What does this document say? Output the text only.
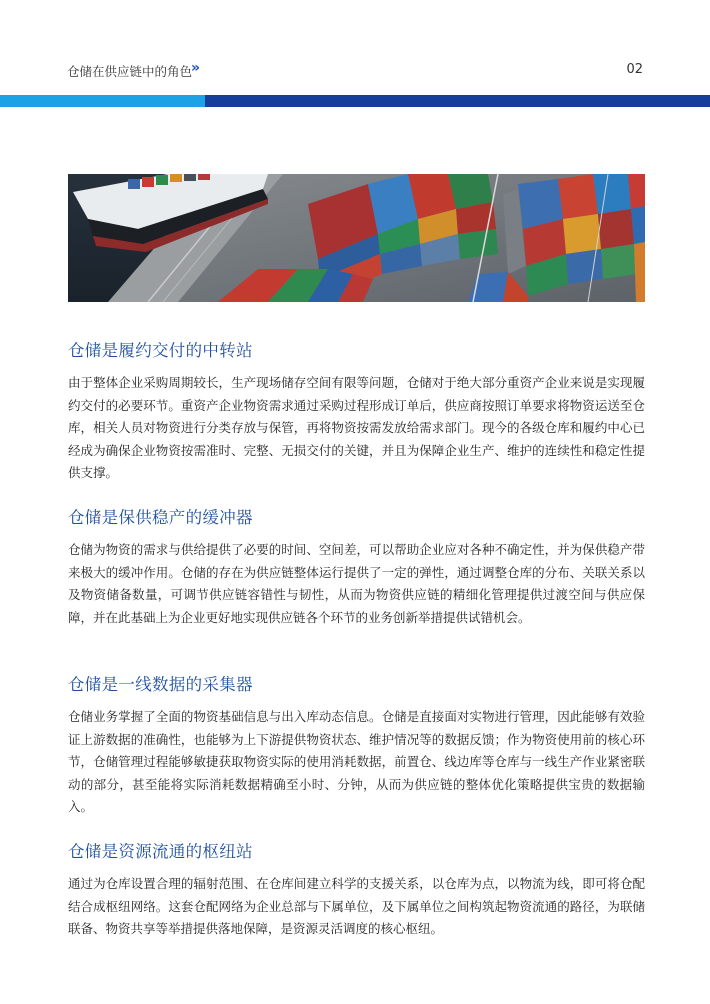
仓储在供应链中的角色
»	02
仓储是履约交付的中转站

由于整体企业采购周期较长，生产现场储存空间有限等问题，仓储对于绝大部分重资产企业来说是实现履约交付的必要环节。重资产企业物资需求通过采购过程形成订单后，供应商按照订单要求将物资运送至仓库，相关人员对物资进行分类存放与保管，再将物资按需发放给需求部门。现今的各级仓库和履约中心已经成为确保企业物资按需准时、完整、无损交付的关键，并且为保障企业生产、维护的连续性和稳定性提供支撑。

仓储是保供稳产的缓冲器

仓储为物资的需求与供给提供了必要的时间、空间差，可以帮助企业应对各种不确定性，并为保供稳产带来极大的缓冲作用。仓储的存在为供应链整体运行提供了一定的弹性，通过调整仓库的分布、关联关系以及物资储备数量，可调节供应链容错性与韧性，从而为物资供应链的精细化管理提供过渡空间与供应保障，并在此基础上为企业更好地实现供应链各个环节的业务创新举措提供试错机会。

仓储是一线数据的采集器

仓储业务掌握了全面的物资基础信息与出入库动态信息。仓储是直接面对实物进行管理，因此能够有效验证上游数据的准确性，也能够为上下游提供物资状态、维护情况等的数据反馈；作为物资使用前的核心环节，仓储管理过程能够敏捷获取物资实际的使用消耗数据，前置仓、线边库等仓库与一线生产作业紧密联动的部分，甚至能将实际消耗数据精确至小时、分钟，从而为供应链的整体优化策略提供宝贵的数据输入。

仓储是资源流通的枢纽站

通过为仓库设置合理的辐射范围、在仓库间建立科学的支援关系，以仓库为点，以物流为线，即可将仓配结合成枢纽网络。这套仓配网络为企业总部与下属单位，及下属单位之间构筑起物资流通的路径，为联储联备、物资共享等举措提供落地保障，是资源灵活调度的核心枢纽。
